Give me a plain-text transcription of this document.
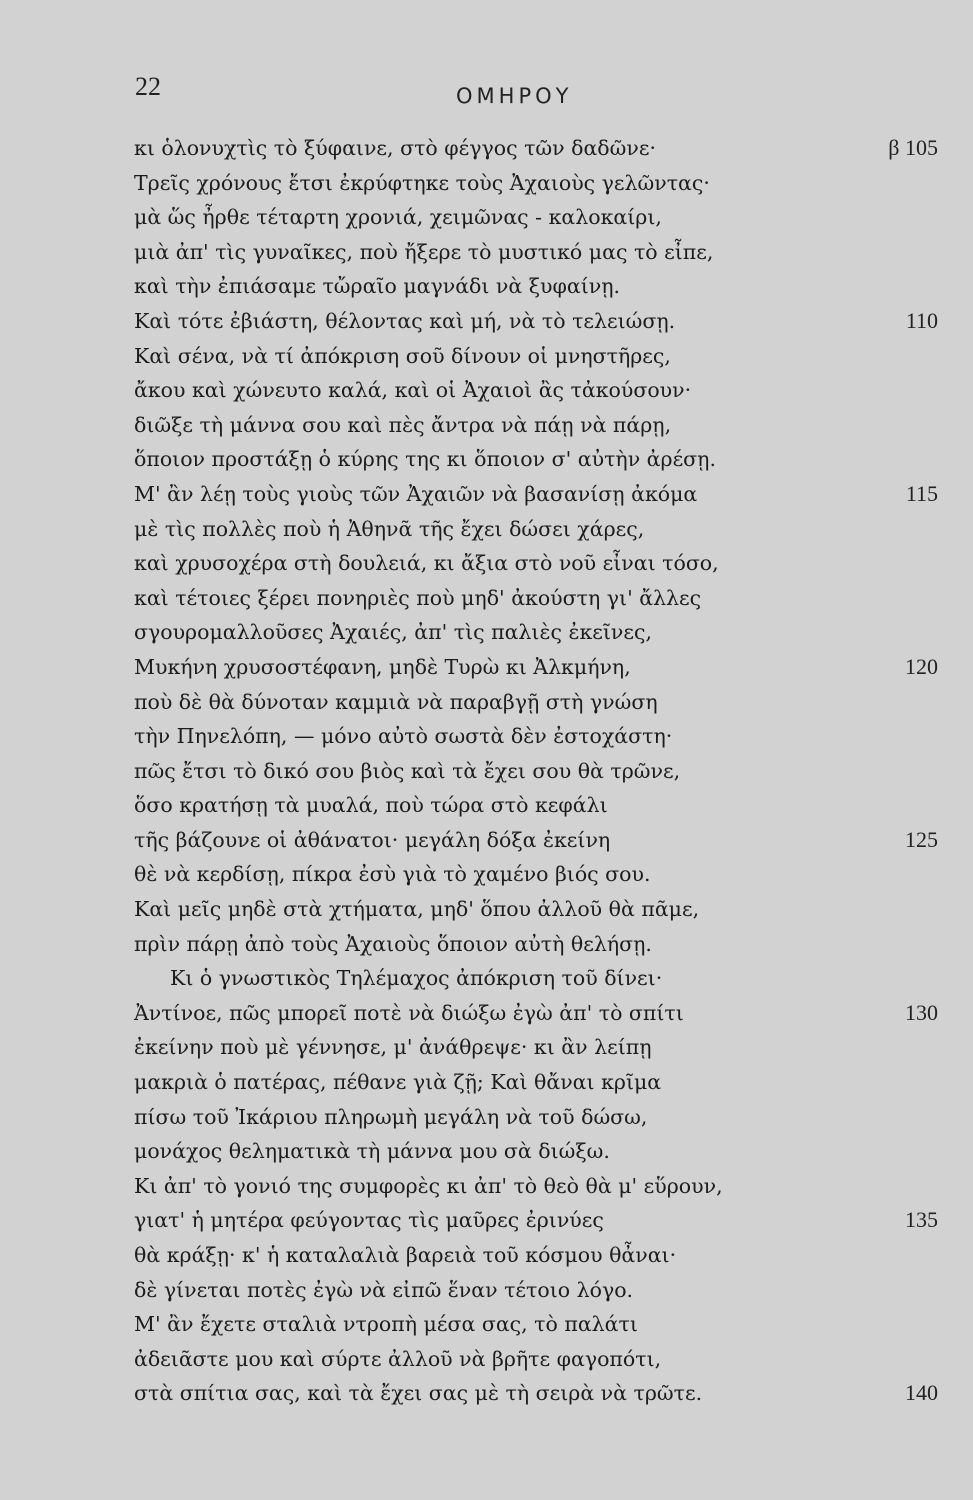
22	ΟΜΗΡΟΥ
κι ὁλονυχτὶς τὸ ξύφαινε, στὸ φέγγος τῶν δαδῶνε·	β 105
Τρεῖς χρόνους ἔτσι ἐκρύφτηκε τοὺς Ἀχαιοὺς γελῶντας·
μὰ ὥς ἦρθε τέταρτη χρονιά, χειμῶνας - καλοκαίρι,
μιὰ ἀπ' τὶς γυναῖκες, ποὺ ἤξερε τὸ μυστικό μας τὸ εἶπε,
καὶ τὴν ἐπιάσαμε τὤραῖο μαγνάδι νὰ ξυφαίνῃ.
Καὶ τότε ἐβιάστη, θέλοντας καὶ μή, νὰ τὸ τελειώσῃ.	110
Καὶ σένα, νὰ τί ἀπόκριση σοῦ δίνουν οἱ μνηστῆρες,
ἄκου καὶ χώνευτο καλά, καὶ οἱ Ἀχαιοὶ ἂς τἀκούσουν·
διῶξε τὴ μάννα σου καὶ πὲς ἄντρα νὰ πάῃ νὰ πάρῃ,
ὅποιον προστάξῃ ὁ κύρης της κι ὅποιον σ' αὐτὴν ἀρέσῃ.
Μ' ἂν λέῃ τοὺς γιοὺς τῶν Ἀχαιῶν νὰ βασανίσῃ ἀκόμα	115
μὲ τὶς πολλὲς ποὺ ἡ Ἀθηνᾶ τῆς ἔχει δώσει χάρες,
καὶ χρυσοχέρα στὴ δουλειά, κι ἄξια στὸ νοῦ εἶναι τόσο,
καὶ τέτοιες ξέρει πονηριὲς ποὺ μηδ' ἀκούστη γι' ἄλλες
σγουρομαλλοῦσες Ἀχαιές, ἀπ' τὶς παλιὲς ἐκεῖνες,
Μυκήνη χρυσοστέφανη, μηδὲ Τυρὼ κι Ἀλκμήνη,	120
ποὺ δὲ θὰ δύνοταν καμμιὰ νὰ παραβγῇ στὴ γνώση
τὴν Πηνελόπη, — μόνο αὐτὸ σωστὰ δὲν ἐστοχάστη·
πῶς ἔτσι τὸ δικό σου βιὸς καὶ τὰ ἔχει σου θὰ τρῶνε,
ὅσο κρατήσῃ τὰ μυαλά, ποὺ τώρα στὸ κεφάλι
τῆς βάζουνε οἱ ἀθάνατοι· μεγάλη δόξα ἐκείνη	125
θὲ νὰ κερδίσῃ, πίκρα ἐσὺ γιὰ τὸ χαμένο βιός σου.
Καὶ μεῖς μηδὲ στὰ χτήματα, μηδ' ὅπου ἀλλοῦ θὰ πᾶμε,
πρὶν πάρῃ ἀπὸ τοὺς Ἀχαιοὺς ὅποιον αὐτὴ θελήσῃ.
Κι ὁ γνωστικὸς Τηλέμαχος ἀπόκριση τοῦ δίνει·
Ἀντίνοε, πῶς μπορεῖ ποτὲ νὰ διώξω ἐγὼ ἀπ' τὸ σπίτι	130
ἐκείνην ποὺ μὲ γέννησε, μ' ἀνάθρεψε· κι ἂν λείπῃ
μακριὰ ὁ πατέρας, πέθανε γιὰ ζῇ; Καὶ θἄναι κρῖμα
πίσω τοῦ Ἰκάριου πληρωμὴ μεγάλη νὰ τοῦ δώσω,
μονάχος θεληματικὰ τὴ μάννα μου σὰ διώξω.
Κι ἀπ' τὸ γονιό της συμφορὲς κι ἀπ' τὸ θεὸ θὰ μ' εὕρουν,
γιατ' ἡ μητέρα φεύγοντας τὶς μαῦρες ἐρινύες	135
θὰ κράξῃ· κ' ἡ καταλαλιὰ βαρειὰ τοῦ κόσμου θἆναι·
δὲ γίνεται ποτὲς ἐγὼ νὰ εἰπῶ ἕναν τέτοιο λόγο.
Μ' ἂν ἔχετε σταλιὰ ντροπὴ μέσα σας, τὸ παλάτι
ἀδειᾶστε μου καὶ σύρτε ἀλλοῦ νὰ βρῆτε φαγοπότι,
στὰ σπίτια σας, καὶ τὰ ἔχει σας μὲ τὴ σειρὰ νὰ τρῶτε.	140
